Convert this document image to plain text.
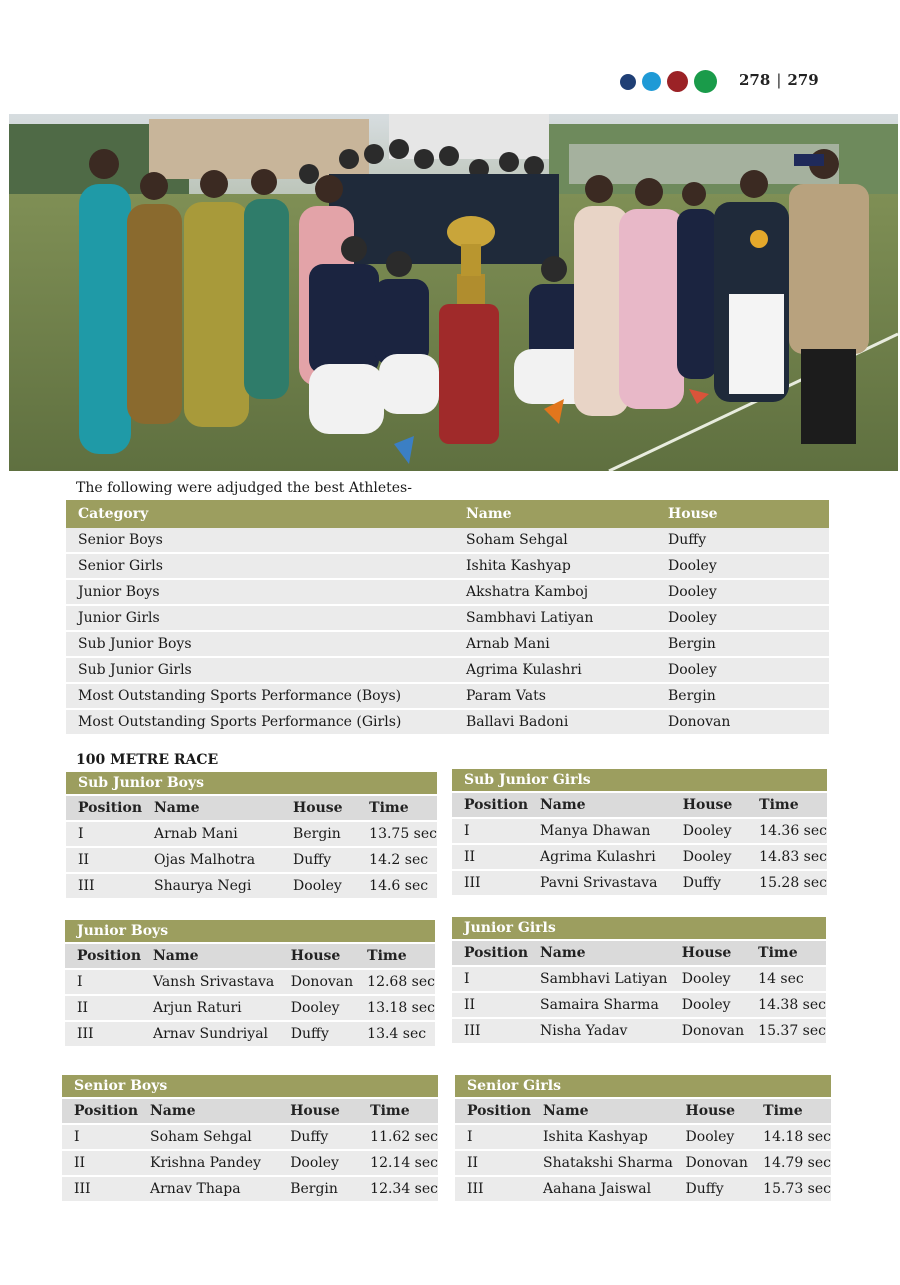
278 | 279
The following were adjudged the best Athletes-
Category	Name	House
Senior Boys	Soham Sehgal	Duffy
Senior Girls	Ishita Kashyap	Dooley
Junior Boys	Akshatra Kamboj	Dooley
Junior Girls	Sambhavi Latiyan	Dooley
Sub Junior Boys	Arnab Mani	Bergin
Sub Junior Girls	Agrima Kulashri	Dooley
Most Outstanding Sports Performance (Boys)	Param Vats	Bergin
Most Outstanding Sports Performance (Girls)	Ballavi Badoni	Donovan
100 METRE RACE
Sub Junior Boys			
Position	Name	House	Time
I	Arnab Mani	Bergin	13.75 sec
II	Ojas Malhotra	Duffy	14.2 sec
III	Shaurya Negi	Dooley	14.6 sec
Sub Junior Girls			
Position	Name	House	Time
I	Manya Dhawan	Dooley	14.36 sec
II	Agrima Kulashri	Dooley	14.83 sec
III	Pavni Srivastava	Duffy	15.28 sec
Junior Boys			
Position	Name	House	Time
I	Vansh Srivastava	Donovan	12.68 sec
II	Arjun Raturi	Dooley	13.18 sec
III	Arnav Sundriyal	Duffy	13.4 sec
Junior Girls			
Position	Name	House	Time
I	Sambhavi Latiyan	Dooley	14 sec
II	Samaira Sharma	Dooley	14.38 sec
III	Nisha Yadav	Donovan	15.37 sec
Senior Boys			
Position	Name	House	Time
I	Soham Sehgal	Duffy	11.62 sec
II	Krishna Pandey	Dooley	12.14 sec
III	Arnav Thapa	Bergin	12.34 sec
Senior Girls			
Position	Name	House	Time
I	Ishita Kashyap	Dooley	14.18 sec
II	Shatakshi Sharma	Donovan	14.79 sec
III	Aahana Jaiswal	Duffy	15.73 sec
